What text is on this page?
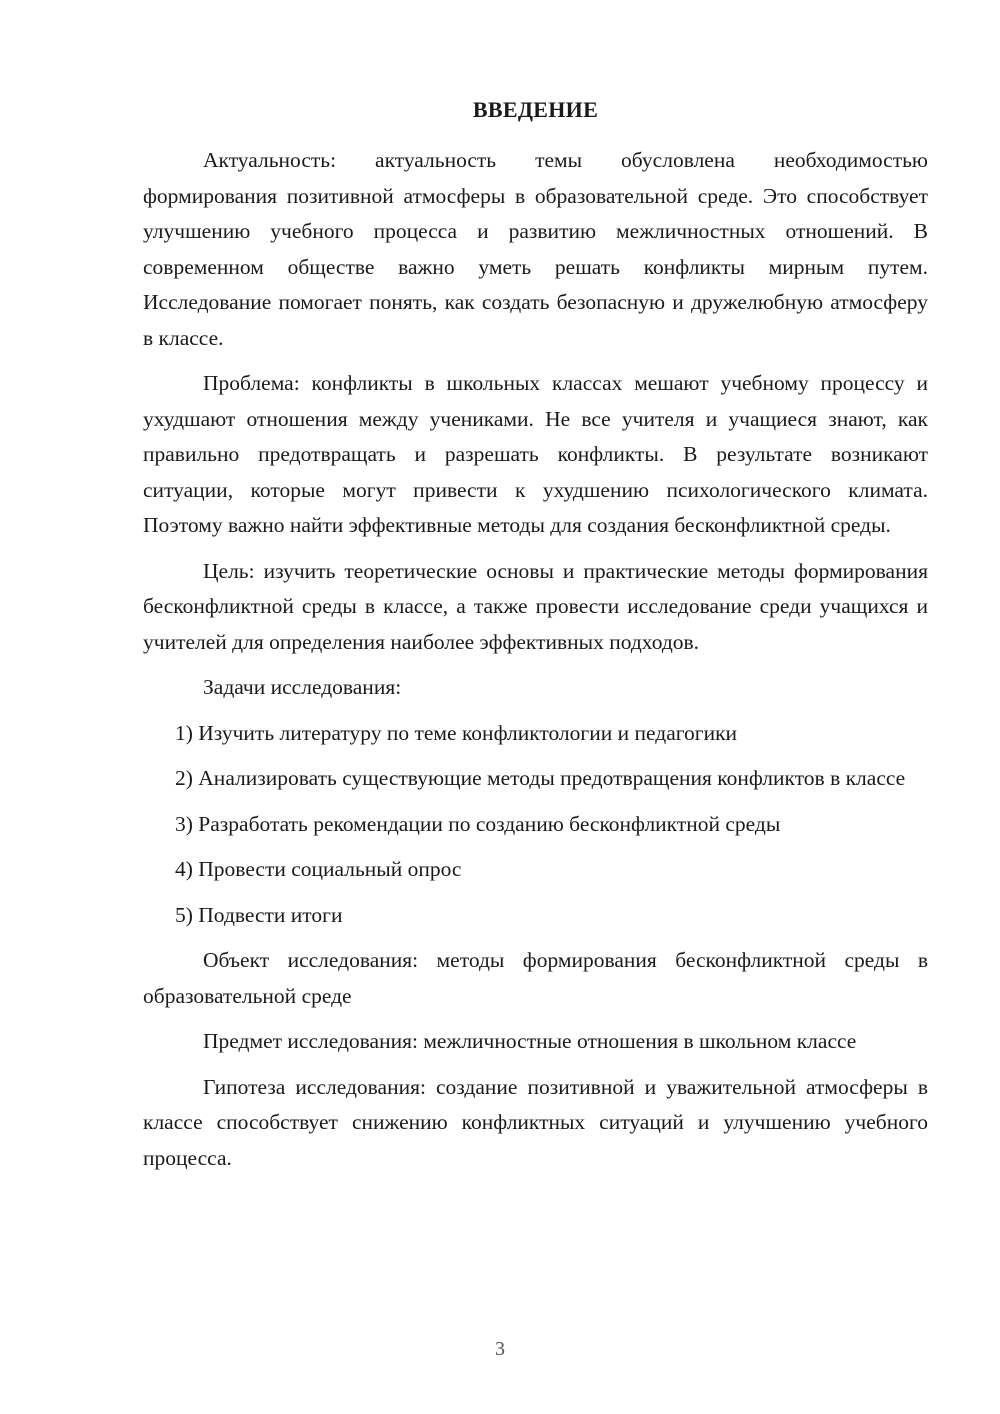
ВВЕДЕНИЕ

Актуальность: актуальность темы обусловлена необходимостью формирования позитивной атмосферы в образовательной среде. Это способствует улучшению учебного процесса и развитию межличностных отношений. В современном обществе важно уметь решать конфликты мирным путем. Исследование помогает понять, как создать безопасную и дружелюбную атмосферу в классе.

Проблема: конфликты в школьных классах мешают учебному процессу и ухудшают отношения между учениками. Не все учителя и учащиеся знают, как правильно предотвращать и разрешать конфликты. В результате возникают ситуации, которые могут привести к ухудшению психологического климата. Поэтому важно найти эффективные методы для создания бесконфликтной среды.

Цель: изучить теоретические основы и практические методы формирования бесконфликтной среды в классе, а также провести исследование среди учащихся и учителей для определения наиболее эффективных подходов.

Задачи исследования:

1) Изучить литературу по теме конфликтологии и педагогики

2) Анализировать существующие методы предотвращения конфликтов в классе

3) Разработать рекомендации по созданию бесконфликтной среды

4) Провести социальный опрос

5) Подвести итоги

Объект исследования: методы формирования бесконфликтной среды в образовательной среде

Предмет исследования: межличностные отношения в школьном классе

Гипотеза исследования: создание позитивной и уважительной атмосферы в классе способствует снижению конфликтных ситуаций и улучшению учебного процесса.

3
